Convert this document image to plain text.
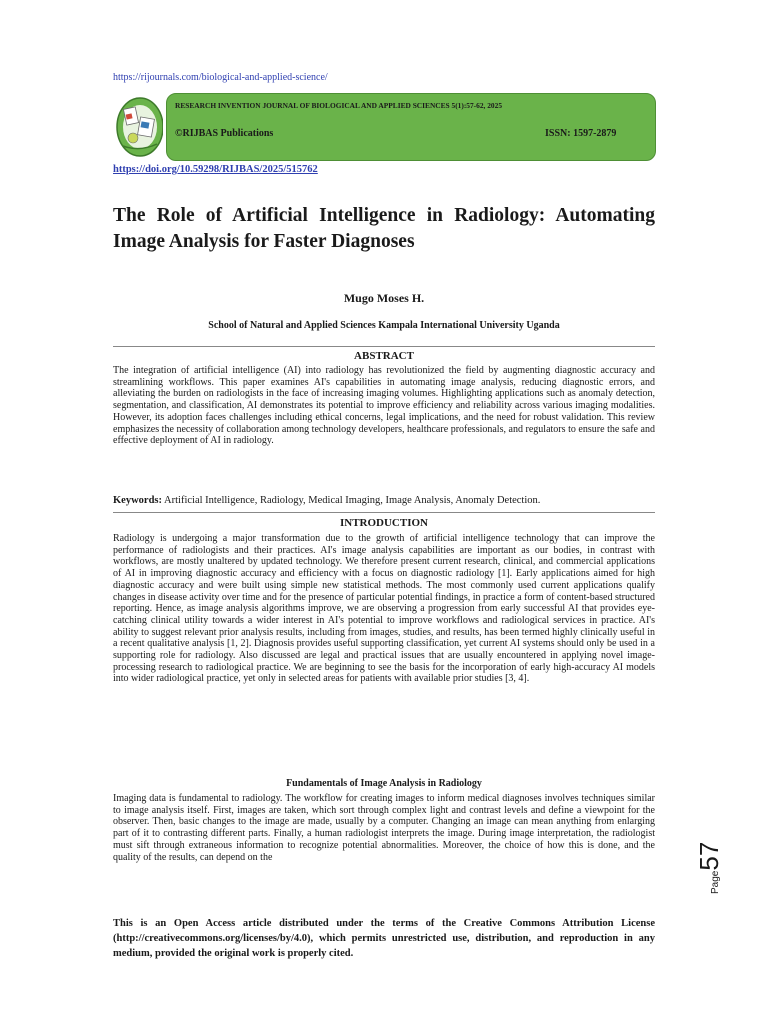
https://rijournals.com/biological-and-applied-science/
RESEARCH INVENTION JOURNAL OF BIOLOGICAL AND APPLIED SCIENCES 5(1):57-62, 2025
©RIJBAS Publications	ISSN: 1597-2879
https://doi.org/10.59298/RIJBAS/2025/515762
The Role of Artificial Intelligence in Radiology: Automating Image Analysis for Faster Diagnoses
Mugo Moses H.
School of Natural and Applied Sciences Kampala International University Uganda
ABSTRACT

The integration of artificial intelligence (AI) into radiology has revolutionized the field by augmenting diagnostic accuracy and streamlining workflows. This paper examines AI's capabilities in automating image analysis, reducing diagnostic errors, and alleviating the burden on radiologists in the face of increasing imaging volumes. Highlighting applications such as anomaly detection, segmentation, and classification, AI demonstrates its potential to improve efficiency and reliability across various imaging modalities. However, its adoption faces challenges including ethical concerns, legal implications, and the need for robust validation. This review emphasizes the necessity of collaboration among technology developers, healthcare professionals, and regulators to ensure the safe and effective deployment of AI in radiology.

Keywords: Artificial Intelligence, Radiology, Medical Imaging, Image Analysis, Anomaly Detection.
INTRODUCTION

Radiology is undergoing a major transformation due to the growth of artificial intelligence technology that can improve the performance of radiologists and their practices. AI's image analysis capabilities are important as our bodies, in contrast with workflows, are mostly unaltered by updated technology. We therefore present current research, clinical, and commercial applications of AI in improving diagnostic accuracy and efficiency with a focus on diagnostic radiology [1]. Early applications aimed for high diagnostic accuracy and were built using simple new statistical methods. The most commonly used current applications qualify changes in disease activity over time and for the presence of particular potential findings, in practice a form of content-based structured reporting. Hence, as image analysis algorithms improve, we are observing a progression from early successful AI that provides eye-catching clinical utility towards a wider interest in AI's potential to improve workflows and radiological services in practice. AI's ability to suggest relevant prior analysis results, including from images, studies, and results, has been termed highly clinically useful in a recent qualitative analysis [1, 2]. Diagnosis provides useful supporting classification, yet current AI systems should only be used in a supporting role for radiology. Also discussed are legal and practical issues that are usually encountered in applying novel image-processing research to radiological practice. We are beginning to see the basis for the incorporation of early high-accuracy AI models into wider radiological practice, yet only in selected areas for patients with available prior studies [3, 4].

Fundamentals of Image Analysis in Radiology

Imaging data is fundamental to radiology. The workflow for creating images to inform medical diagnoses involves techniques similar to image analysis itself. First, images are taken, which sort through complex light and contrast levels and define a viewpoint for the observer. Then, basic changes to the image are made, usually by a computer. Changing an image can mean anything from enlarging part of it to contrasting different parts. Finally, a human radiologist interprets the image. During image interpretation, the radiologist must sift through extraneous information to recognize potential abnormalities. Moreover, the choice of how this is done, and the quality of the results, can depend on the

Page57

This is an Open Access article distributed under the terms of the Creative Commons Attribution License (http://creativecommons.org/licenses/by/4.0), which permits unrestricted use, distribution, and reproduction in any medium, provided the original work is properly cited.
